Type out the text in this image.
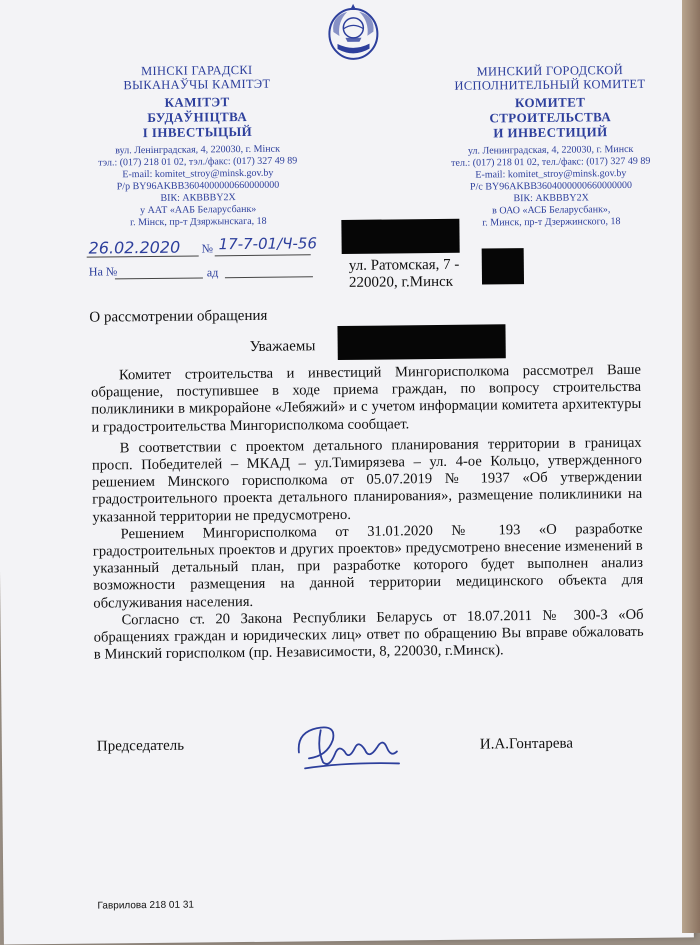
МІНСКІ ГАРАДСКІ
ВЫКАНАЎЧЫ КАМІТЭТ
КАМІТЭТ
БУДАЎНІЦТВА
І ІНВЕСТЫЦЫЙ
вул. Ленінградская, 4, 220030, г. Мінск
тэл.: (017) 218 01 02, тэл./факс: (017) 327 49 89
E-mail: komitet_stroy@minsk.gov.by
Р/р BY96AKBB3604000000660000000
ВІК: АКВВВY2Х
у ААТ «ААБ Беларусбанк»
г. Мінск, пр-т Дзяржынскага, 18
МИНСКИЙ ГОРОДСКОЙ
ИСПОЛНИТЕЛЬНЫЙ КОМИТЕТ
КОМИТЕТ
СТРОИТЕЛЬСТВА
И ИНВЕСТИЦИЙ
ул. Ленинградская, 4, 220030, г. Минск
тел.: (017) 218 01 02, тел./факс: (017) 327 49 89
E-mail: komitet_stroy@minsk.gov.by
Р/с BY96AKBB3604000000660000000
ВІК: АКВВВY2Х
в ОАО «АСБ Беларусбанк»,
г. Минск, пр-т Дзержинского, 18
26.02.2020 № 17-7-01/Ч-56
На №	ад	ул. Ратомская, 7 -
220020, г.Минск
О рассмотрении обращения
Уважаемы

Комитет строительства и инвестиций Мингорисполкома рассмотрел Ваше обращение, поступившее в ходе приема граждан, по вопросу строительства поликлиники в микрорайоне «Лебяжий» и с учетом информации комитета архитектуры и градостроительства Мингорисполкома сообщает.

В соответствии с проектом детального планирования территории в границах просп. Победителей – МКАД – ул.Тимирязева – ул. 4-ое Кольцо, утвержденного решением Минского горисполкома от 05.07.2019 № 1937 «Об утверждении градостроительного проекта детального планирования», размещение поликлиники на указанной территории не предусмотрено.

Решением Мингорисполкома от 31.01.2020 № 193 «О разработке градостроительных проектов и других проектов» предусмотрено внесение изменений в указанный детальный план, при разработке которого будет выполнен анализ возможности размещения на данной территории медицинского объекта для обслуживания населения.

Согласно ст. 20 Закона Республики Беларусь от 18.07.2011 № 300-З «Об обращениях граждан и юридических лиц» ответ по обращению Вы вправе обжаловать в Минский горисполком (пр. Независимости, 8, 220030, г.Минск).

Председатель	И.А.Гонтарева
Гаврилова 218 01 31
